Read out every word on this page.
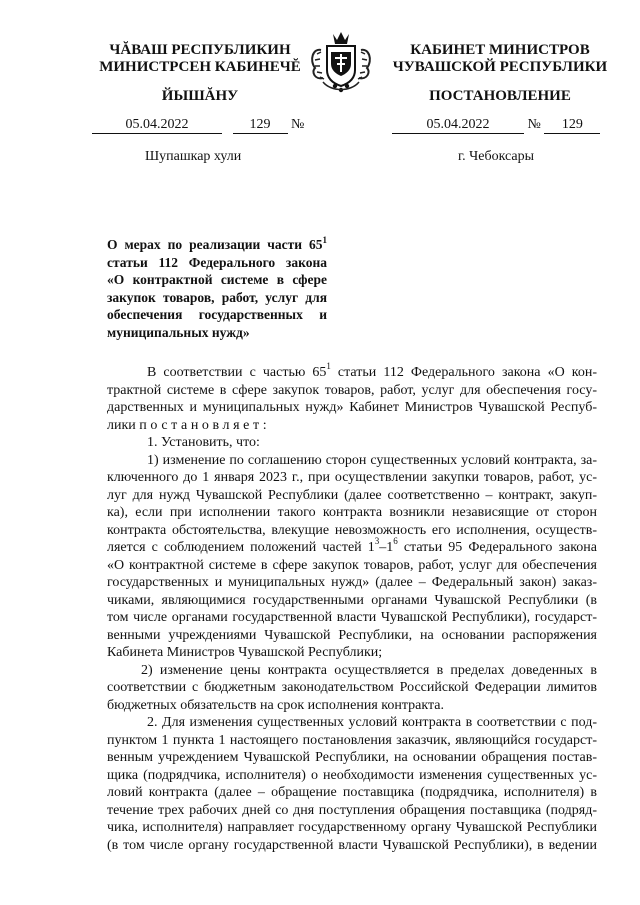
ЧĂВАШ РЕСПУБЛИКИН
МИНИСТРСЕН КАБИНЕЧĔ
КАБИНЕТ МИНИСТРОВ
ЧУВАШСКОЙ РЕСПУБЛИКИ
ЙЫШĂНУ	ПОСТАНОВЛЕНИЕ
05.04.2022	129 №	05.04.2022	№ 129
Шупашкар хули	г. Чебоксары
О мерах по реализации части $65^1$
статьи 112 Федерального закона
«О контрактной системе в сфере
закупок товаров, работ, услуг для
обеспечения государственных и
муниципальных нужд»
В соответствии с частью $65^1$ статьи 112 Федерального закона «О кон-
трактной системе в сфере закупок товаров, работ, услуг для обеспечения госу-
дарственных и муниципальных нужд» Кабинет Министров Чувашской Респуб-
лики постановляет:
1. Установить, что:
1) изменение по соглашению сторон существенных условий контракта, за-
ключенного до 1 января 2023 г., при осуществлении закупки товаров, работ, ус-
луг для нужд Чувашской Республики (далее соответственно – контракт, закуп-
ка), если при исполнении такого контракта возникли независящие от сторон
контракта обстоятельства, влекущие невозможность его исполнения, осуществ-
ляется с соблюдением положений частей $1^3-1^6$ статьи 95 Федерального закона
«О контрактной системе в сфере закупок товаров, работ, услуг для обеспечения
государственных и муниципальных нужд» (далее – Федеральный закон) заказ-
чиками, являющимися государственными органами Чувашской Республики (в
том числе органами государственной власти Чувашской Республики), государст-
венными учреждениями Чувашской Республики, на основании распоряжения
Кабинета Министров Чувашской Республики;
2) изменение цены контракта осуществляется в пределах доведенных в
соответствии с бюджетным законодательством Российской Федерации лимитов
бюджетных обязательств на срок исполнения контракта.
2. Для изменения существенных условий контракта в соответствии с под-
пунктом 1 пункта 1 настоящего постановления заказчик, являющийся государст-
венным учреждением Чувашской Республики, на основании обращения постав-
щика (подрядчика, исполнителя) о необходимости изменения существенных ус-
ловий контракта (далее – обращение поставщика (подрядчика, исполнителя) в
течение трех рабочих дней со дня поступления обращения поставщика (подряд-
чика, исполнителя) направляет государственному органу Чувашской Республики
(в том числе органу государственной власти Чувашской Республики), в ведении
